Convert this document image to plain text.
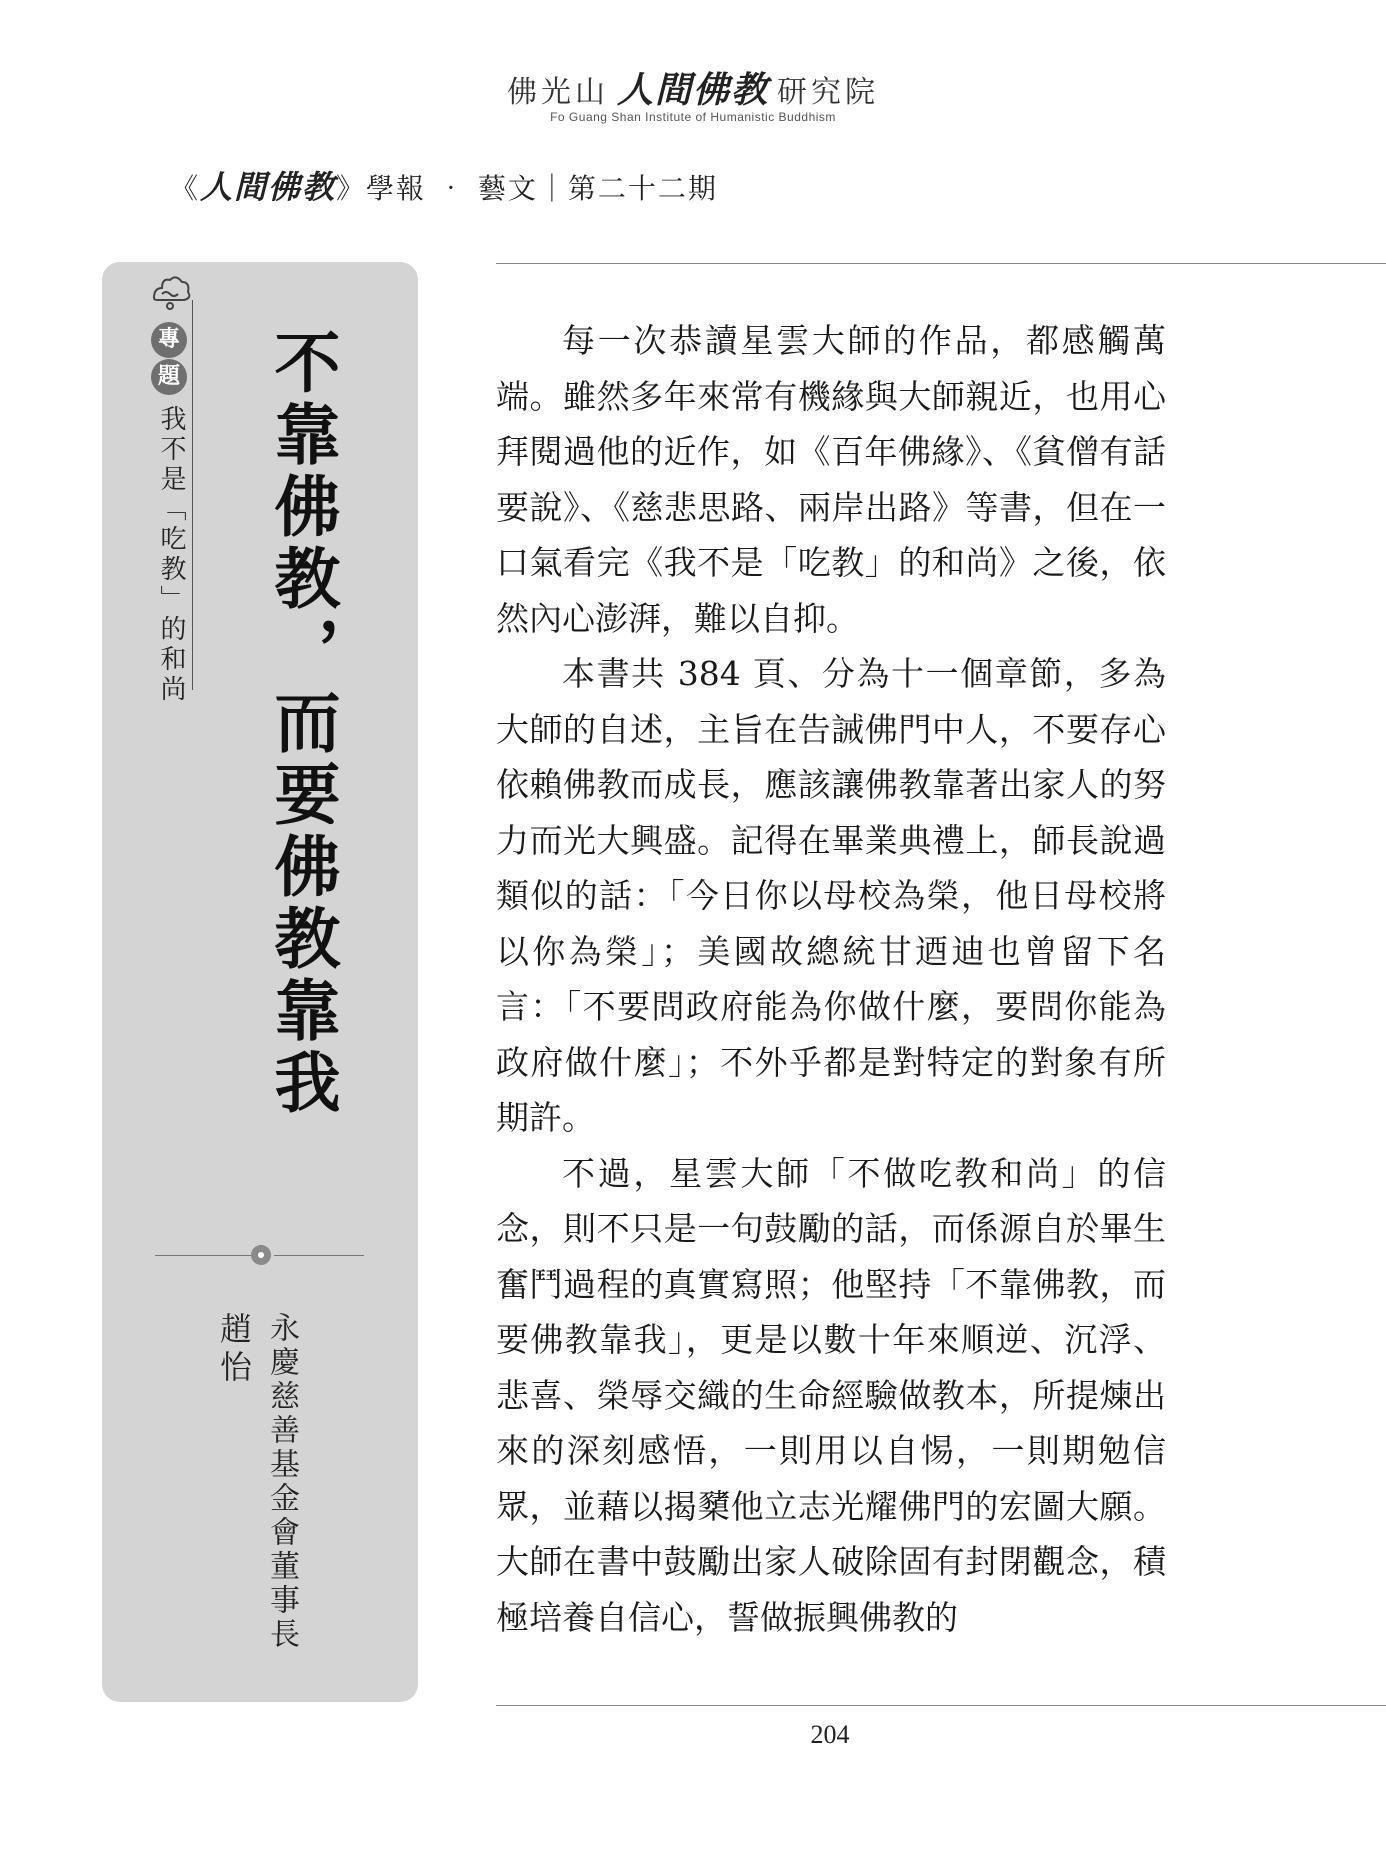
佛光山 人間佛教 研究院
Fo Guang Shan Institute of Humanistic Buddhism
《人間佛教》學報 ‧ 藝文｜第二十二期
專
題
我不是「吃教」的和尚 不靠佛教，而要佛教靠我
永慶慈善基金會董事長
趙怡

每一次恭讀星雲大師的作品，都感觸萬端。雖然多年來常有機緣與大師親近，也用心拜閱過他的近作，如《百年佛緣》、《貧僧有話要說》、《慈悲思路、兩岸出路》等書，但在一口氣看完《我不是「吃教」的和尚》之後，依然內心澎湃，難以自抑。

本書共 384 頁、分為十一個章節，多為大師的自述，主旨在告誡佛門中人，不要存心依賴佛教而成長，應該讓佛教靠著出家人的努力而光大興盛。記得在畢業典禮上，師長說過類似的話：「今日你以母校為榮，他日母校將以你為榮」；美國故總統甘迺迪也曾留下名言：「不要問政府能為你做什麼，要問你能為政府做什麼」；不外乎都是對特定的對象有所期許。

不過，星雲大師「不做吃教和尚」的信念，則不只是一句鼓勵的話，而係源自於畢生奮鬥過程的真實寫照；他堅持「不靠佛教，而要佛教靠我」，更是以數十年來順逆、沉浮、悲喜、榮辱交織的生命經驗做教本，所提煉出來的深刻感悟，一則用以自惕，一則期勉信眾，並藉以揭櫫他立志光耀佛門的宏圖大願。大師在書中鼓勵出家人破除固有封閉觀念，積極培養自信心，誓做振興佛教的

204
